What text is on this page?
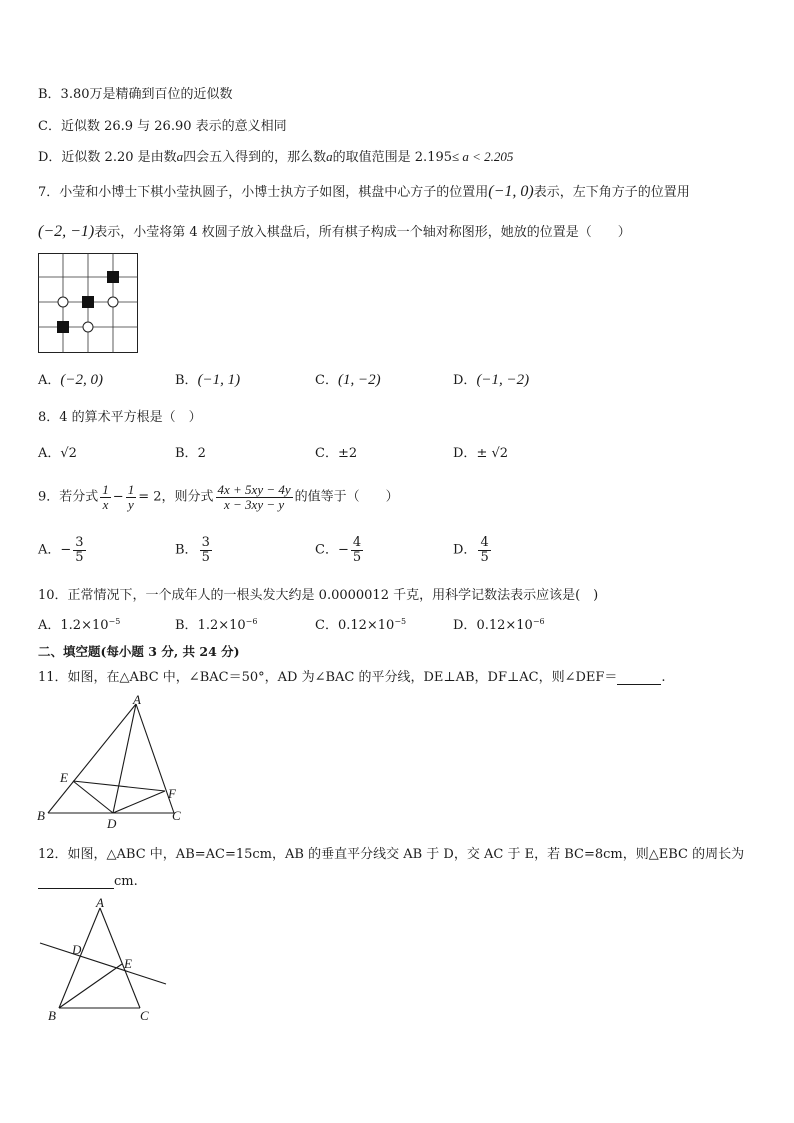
B．3.80万是精确到百位的近似数
C．近似数 26.9 与 26.90 表示的意义相同
D．近似数 2.20 是由数a四会五入得到的，那么数a的取值范围是 2.195≤ a < 2.205
7．小莹和小博士下棋小莹执圆子，小博士执方子如图，棋盘中心方子的位置用(−1, 0)表示，左下角方子的位置用
(−2, −1)表示，小莹将第 4 枚圆子放入棋盘后，所有棋子构成一个轴对称图形，她放的位置是（　　）
A．(−2, 0)	B．(−1, 1)	C．(1, −2)	D．(−1, −2)
8．4 的算术平方根是（　）
A．√2	B．2	C．±2	D．± √2
9．若分式 $\frac{1}{x} - \frac{1}{y} = 2$，则分式 $\frac{4x + 5xy - 4y}{x - 3xy - y}$ 的值等于（　　）
A．− $\frac{3}{5}$	B． $\frac{3}{5}$	C．− $\frac{4}{5}$	D． $\frac{4}{5}$
10．正常情况下，一个成年人的一根头发大约是 0.0000012 千克，用科学记数法表示应该是(　)
A．$1.2\times 10^{-5}$	B．$1.2\times 10^{-6}$	C．$0.12\times 10^{-5}$	D．$0.12\times 10^{-6}$
二、填空题(每小题 3 分, 共 24 分)
11．如图，在△ABC 中，∠BAC＝50°，AD 为∠BAC 的平分线，DE⊥AB，DF⊥AC，则∠DEF＝	.
A
B	C
D
E
F
12．如图，△ABC 中，AB=AC=15cm，AB 的垂直平分线交 AB 于 D，交 AC 于 E，若 BC=8cm，则△EBC 的周长为
cm.
A
B	C
D
E
